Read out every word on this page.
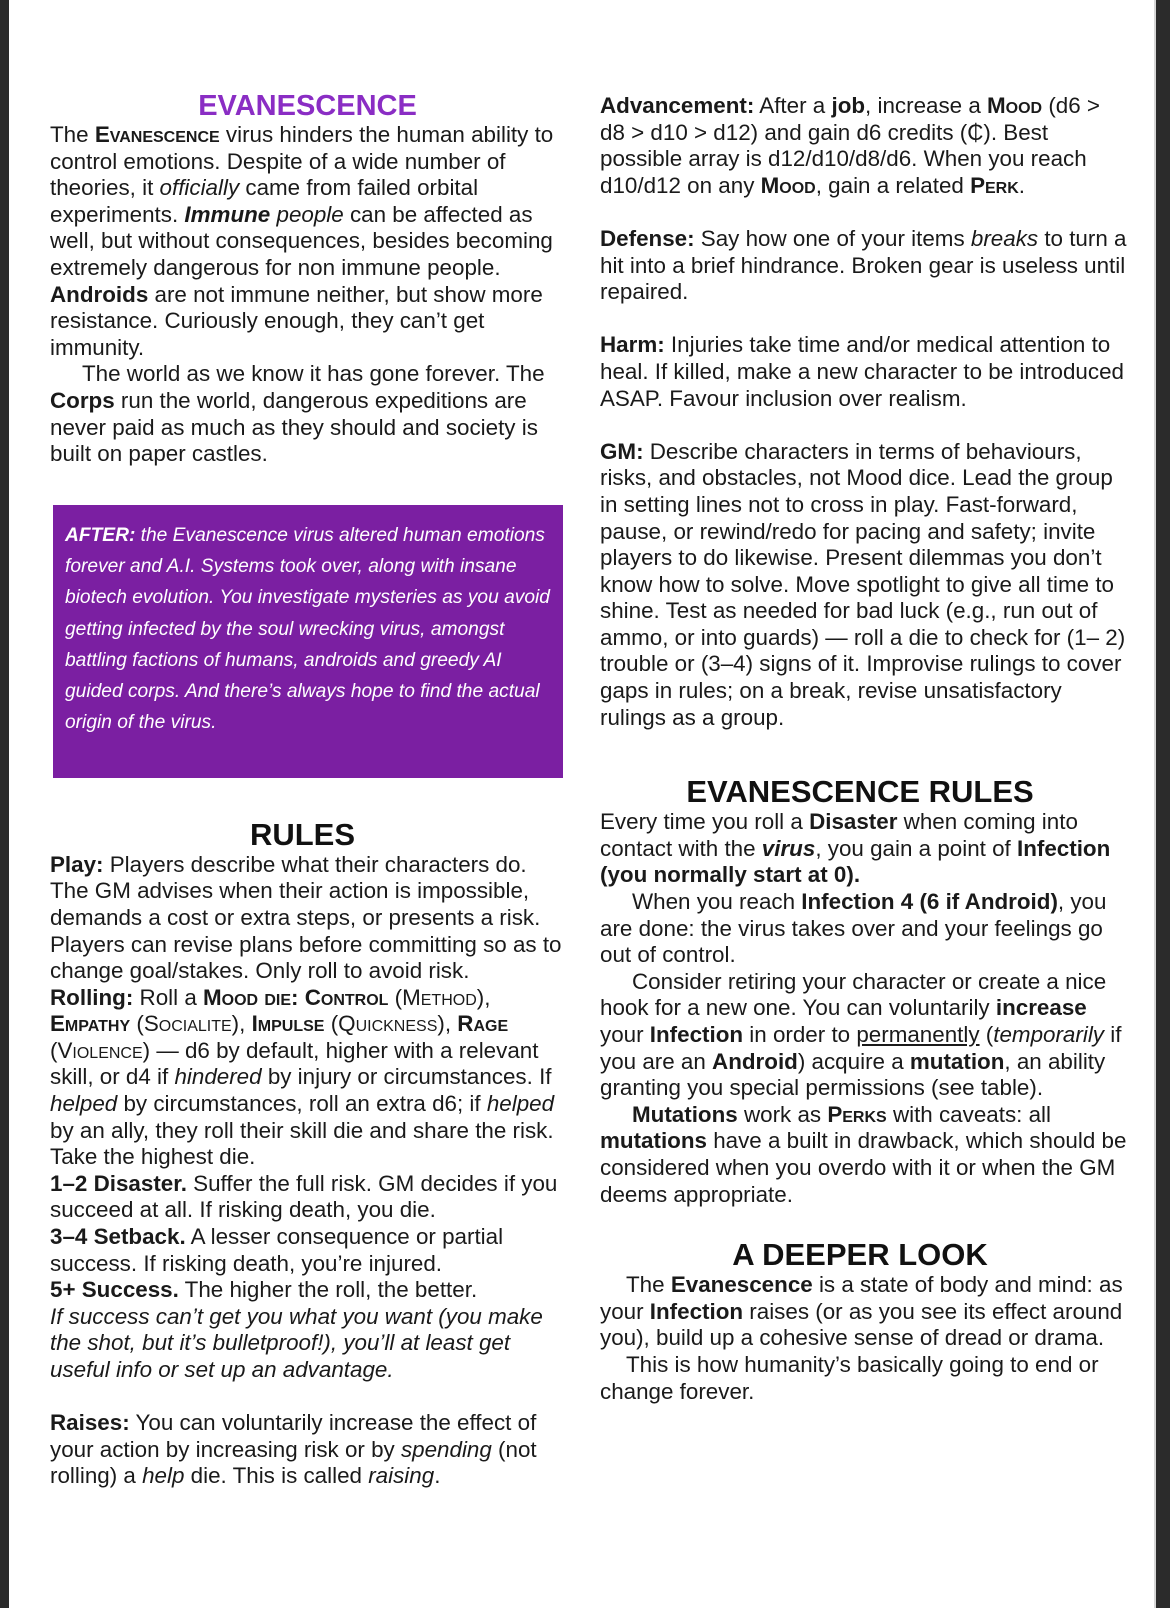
EVANESCENCE

The Evanescence virus hinders the human ability to control emotions. Despite of a wide number of theories, it officially came from failed orbital experiments. Immune people can be affected as well, but without consequences, besides becoming extremely dangerous for non immune people. Androids are not immune neither, but show more resistance. Curiously enough, they can’t get immunity.

The world as we know it has gone forever. The Corps run the world, dangerous expeditions are never paid as much as they should and society is built on paper castles.

RULES

Play: Players describe what their characters do. The GM advises when their action is impossible, demands a cost or extra steps, or presents a risk. Players can revise plans before committing so as to change goal/stakes. Only roll to avoid risk.

Rolling: Roll a Mood die: Control (Method), Empathy (Socialite), Impulse (Quickness), Rage (Violence) — d6 by default, higher with a relevant skill, or d4 if hindered by injury or circumstances. If helped by circumstances, roll an extra d6; if helped by an ally, they roll their skill die and share the risk. Take the highest die.

1–2 Disaster. Suffer the full risk. GM decides if you succeed at all. If risking death, you die.

3–4 Setback. A lesser consequence or partial success. If risking death, you’re injured.

5+ Success. The higher the roll, the better.

If success can’t get you what you want (you make the shot, but it’s bulletproof!), you’ll at least get useful info or set up an advantage.

Raises: You can voluntarily increase the effect of your action by increasing risk or by spending (not rolling) a help die. This is called raising.

AFTER: the Evanescence virus altered human emotions forever and A.I. Systems took over, along with insane biotech evolution. You investigate mysteries as you avoid getting infected by the soul wrecking virus, amongst battling factions of humans, androids and greedy AI guided corps. And there’s always hope to find the actual origin of the virus.

Advancement: After a job, increase a Mood (d6 > d8 > d10 > d12) and gain d6 credits (₵). Best possible array is d12/d10/d8/d6. When you reach d10/d12 on any Mood, gain a related Perk.

Defense: Say how one of your items breaks to turn a hit into a brief hindrance. Broken gear is useless until repaired.

Harm: Injuries take time and/or medical attention to heal. If killed, make a new character to be introduced ASAP. Favour inclusion over realism.

GM: Describe characters in terms of behaviours, risks, and obstacles, not Mood dice. Lead the group in setting lines not to cross in play. Fast-forward, pause, or rewind/redo for pacing and safety; invite players to do likewise. Present dilemmas you don’t know how to solve. Move spotlight to give all time to shine. Test as needed for bad luck (e.g., run out of ammo, or into guards) — roll a die to check for (1– 2) trouble or (3–4) signs of it. Improvise rulings to cover gaps in rules; on a break, revise unsatisfactory rulings as a group.

EVANESCENCE RULES

Every time you roll a Disaster when coming into contact with the virus, you gain a point of Infection (you normally start at 0).

When you reach Infection 4 (6 if Android), you are done: the virus takes over and your feelings go out of control.

Consider retiring your character or create a nice hook for a new one. You can voluntarily increase your Infection in order to permanently (temporarily if you are an Android) acquire a mutation, an ability granting you special permissions (see table).

Mutations work as Perks with caveats: all mutations have a built in drawback, which should be considered when you overdo with it or when the GM deems appropriate.

A DEEPER LOOK

The Evanescence is a state of body and mind: as your Infection raises (or as you see its effect around you), build up a cohesive sense of dread or drama.

This is how humanity’s basically going to end or change forever.
